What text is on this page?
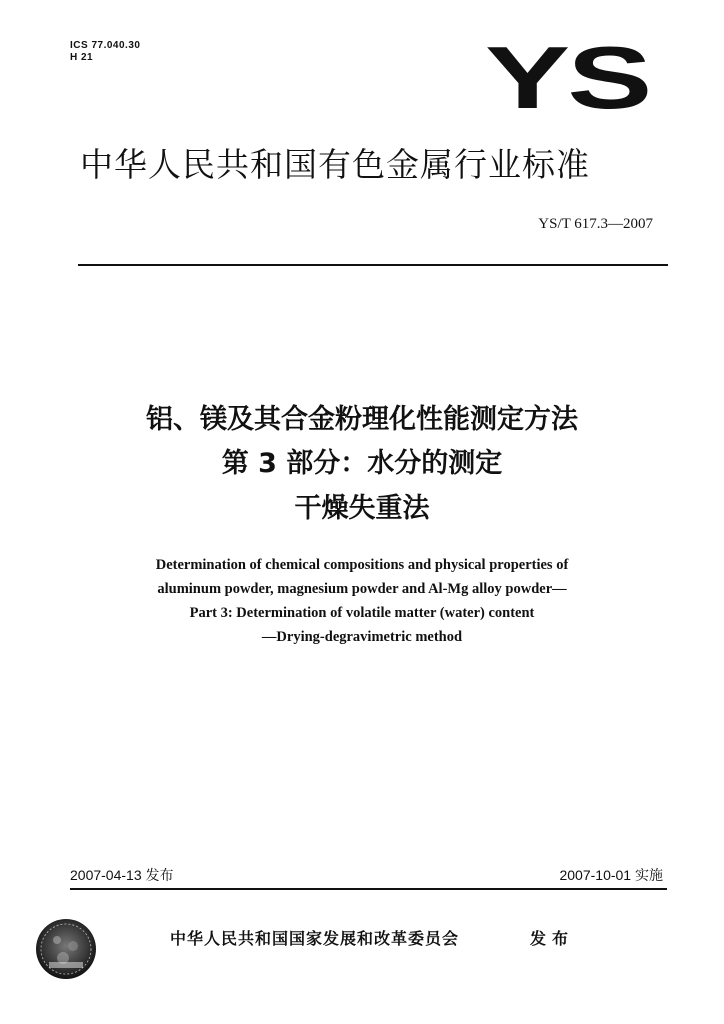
ICS 77.040.30
H 21	YS
中华人民共和国有色金属行业标准
YS/T 617.3—2007
铝、镁及其合金粉理化性能测定方法
第 3 部分：水分的测定
干燥失重法
Determination of chemical compositions and physical properties of
aluminum powder, magnesium powder and Al-Mg alloy powder—
Part 3: Determination of volatile matter (water) content
—Drying-degravimetric method
2007-04-13 发布	2007-10-01 实施
中华人民共和国国家发展和改革委员会	发布
